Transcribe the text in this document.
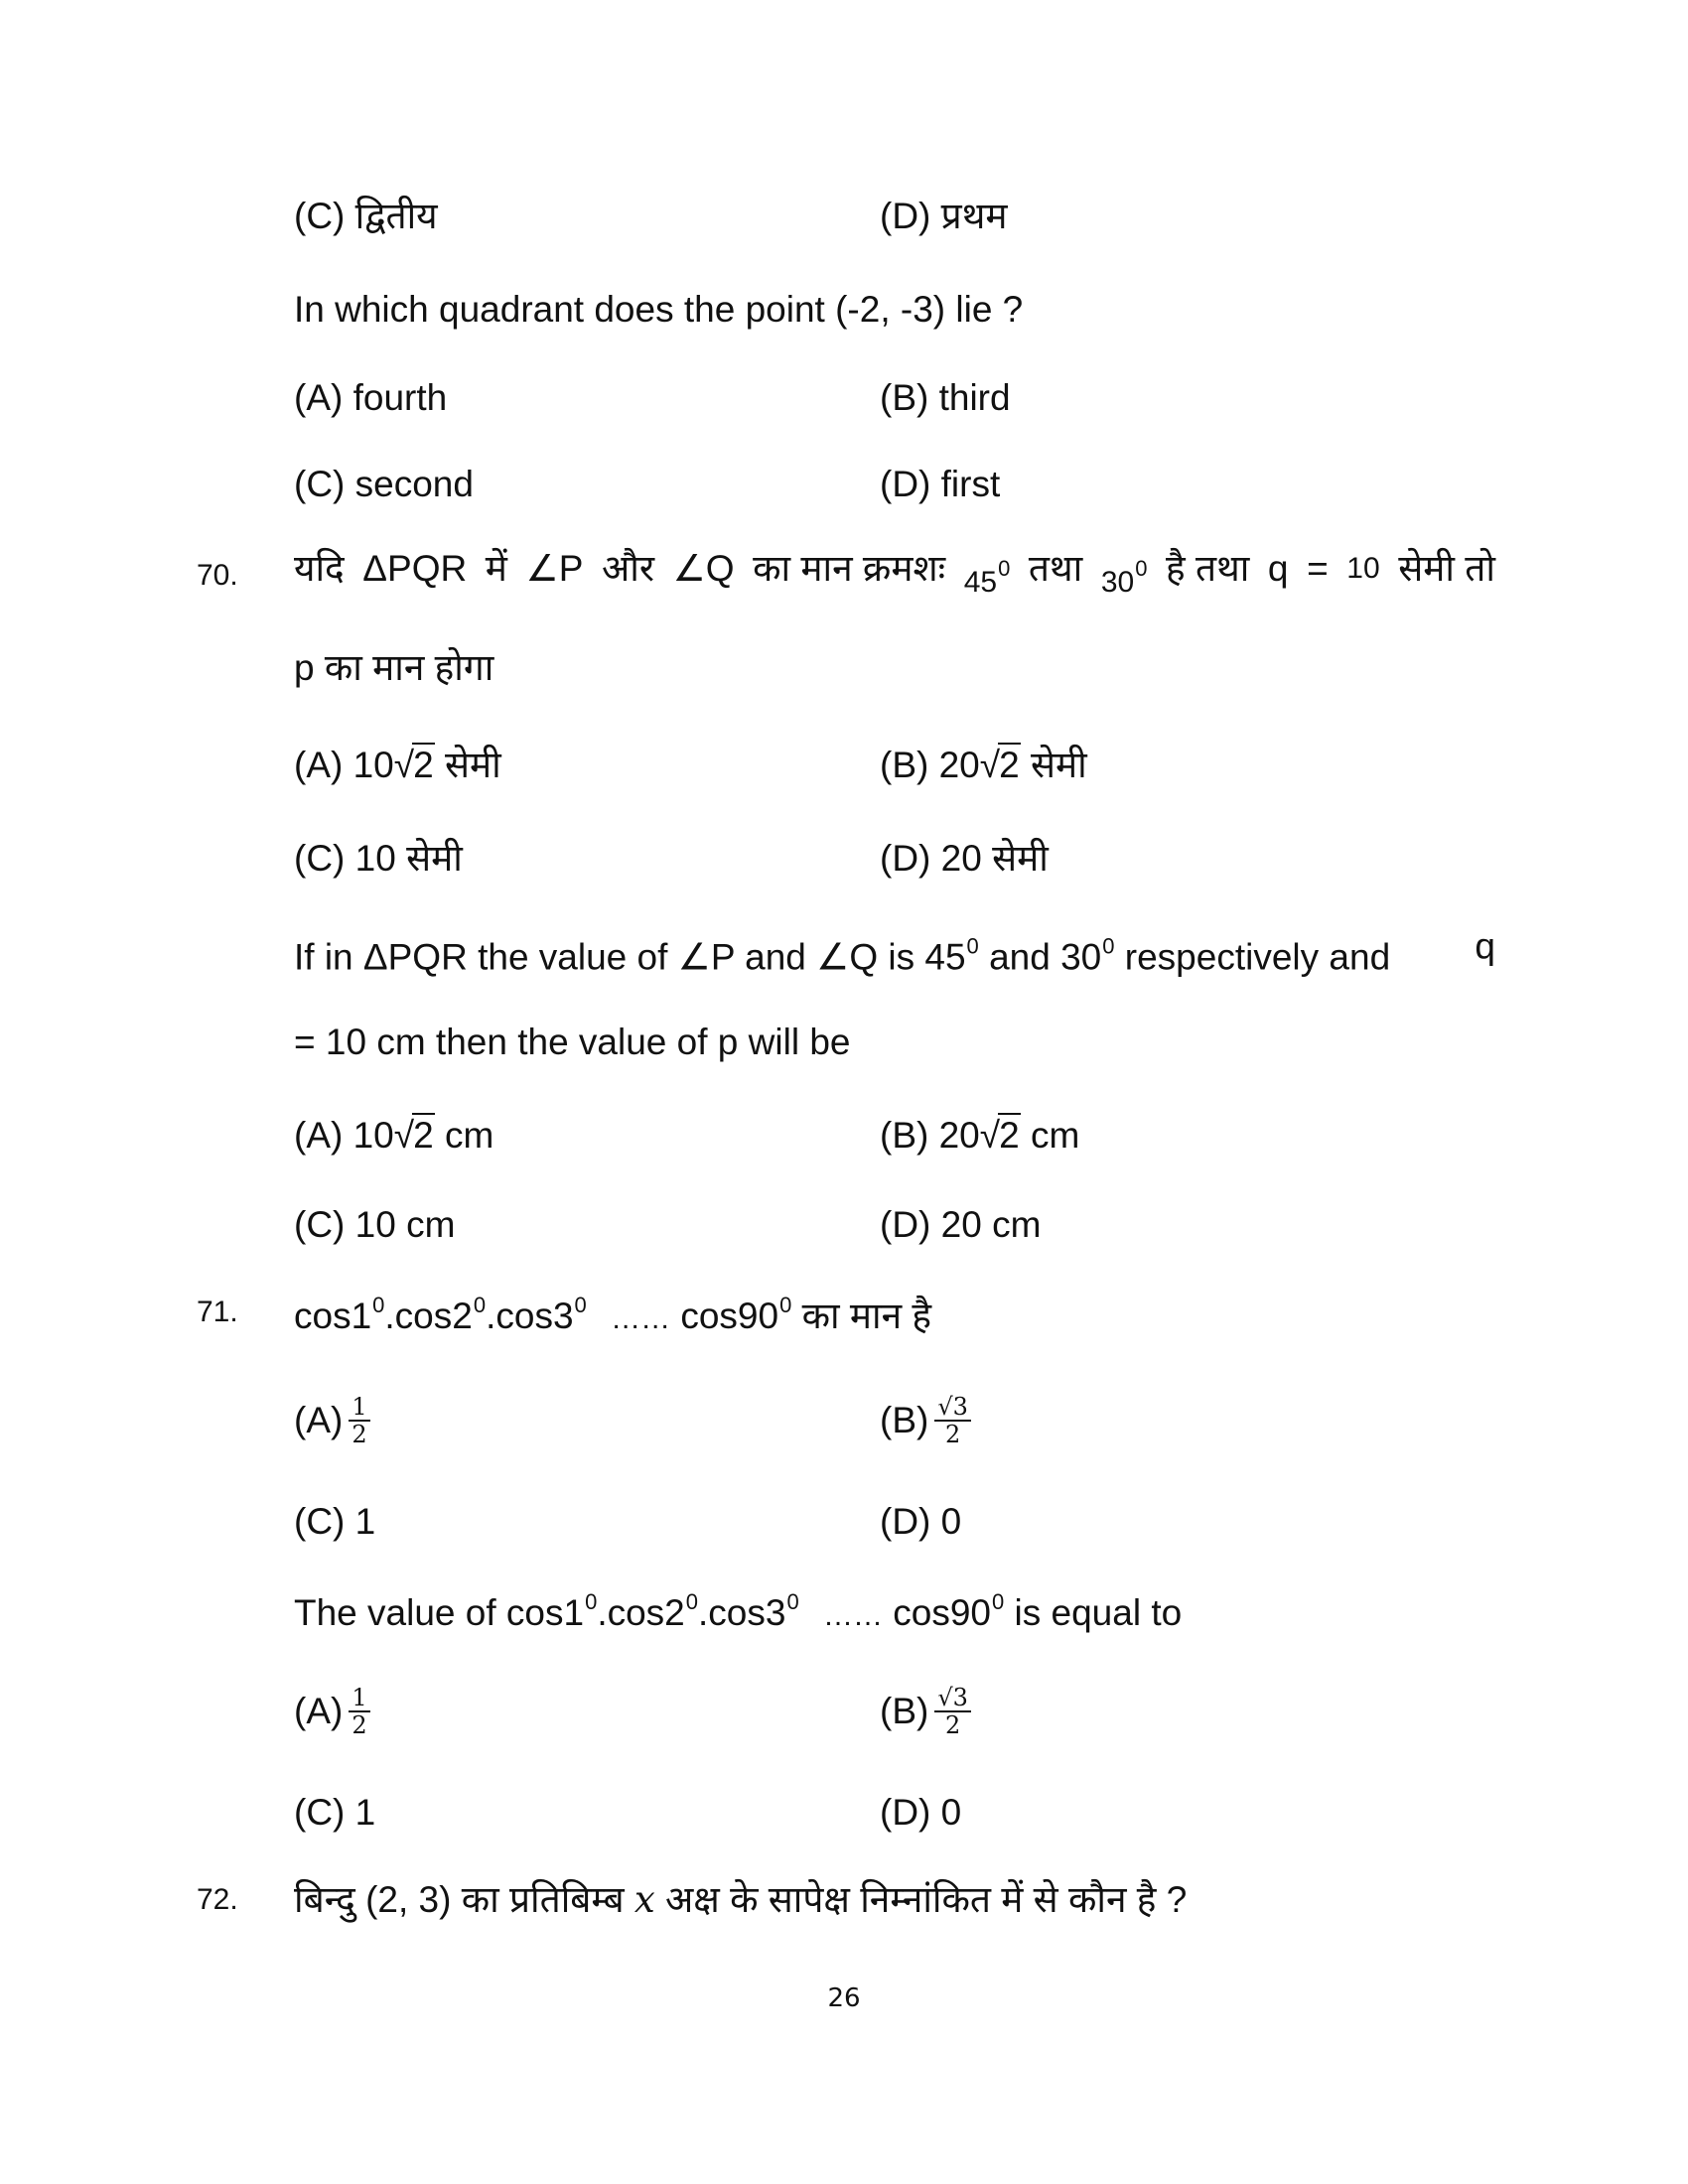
(C) द्वितीय	(D) प्रथम
In which quadrant does the point (-2, -3) lie ?
(A) fourth	(B) third
(C) second	(D) first
70. यदि ΔPQR में ∠P और ∠Q का मान क्रमशः $45^0$ तथा $30^0$ है तथा q = 10 सेमी तो
p का मान होगा
(A) 10√2 सेमी	(B) 20√2 सेमी
(C) 10 सेमी	(D) 20 सेमी
If in ΔPQR the value of ∠P and ∠Q is $45^0$ and $30^0$ respectively and q
= 10 cm then the value of p will be
(A) 10√2 cm	(B) 20√2 cm
(C) 10 cm	(D) 20 cm
71. $\cos 1^0.\cos 2^0.\cos 3^0$ …… $\cos 90^0$ का मान है
$(A) \frac{1}{2}$	$(B) \frac{√3}{2}$
(C) 1	(D) 0
The value of $\cos 1^0.\cos 2^0.\cos 3^0$ …… $\cos 90^0$ is equal to
$(A) \frac{1}{2}$	$(B) \frac{√3}{2}$
(C) 1	(D) 0
72. बिन्दु (2, 3) का प्रतिबिम्ब x अक्ष के सापेक्ष निम्नांकित में से कौन है ?
26
